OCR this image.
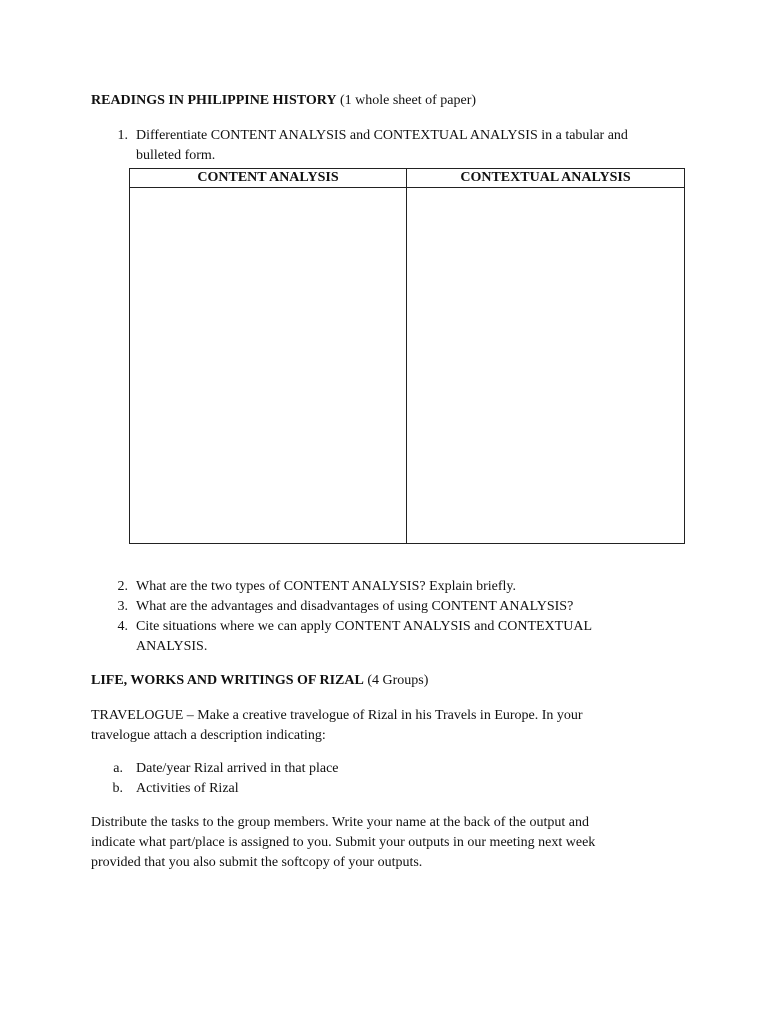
READINGS IN PHILIPPINE HISTORY (1 whole sheet of paper)
1. Differentiate CONTENT ANALYSIS and CONTEXTUAL ANALYSIS in a tabular and
bulleted form.
CONTENT ANALYSIS	CONTEXTUAL ANALYSIS

2. What are the two types of CONTENT ANALYSIS? Explain briefly.
3. What are the advantages and disadvantages of using CONTENT ANALYSIS?
4. Cite situations where we can apply CONTENT ANALYSIS and CONTEXTUAL
ANALYSIS.
LIFE, WORKS AND WRITINGS OF RIZAL (4 Groups)
TRAVELOGUE – Make a creative travelogue of Rizal in his Travels in Europe. In your
travelogue attach a description indicating:
a. Date/year Rizal arrived in that place
b. Activities of Rizal
Distribute the tasks to the group members. Write your name at the back of the output and
indicate what part/place is assigned to you. Submit your outputs in our meeting next week
provided that you also submit the softcopy of your outputs.
